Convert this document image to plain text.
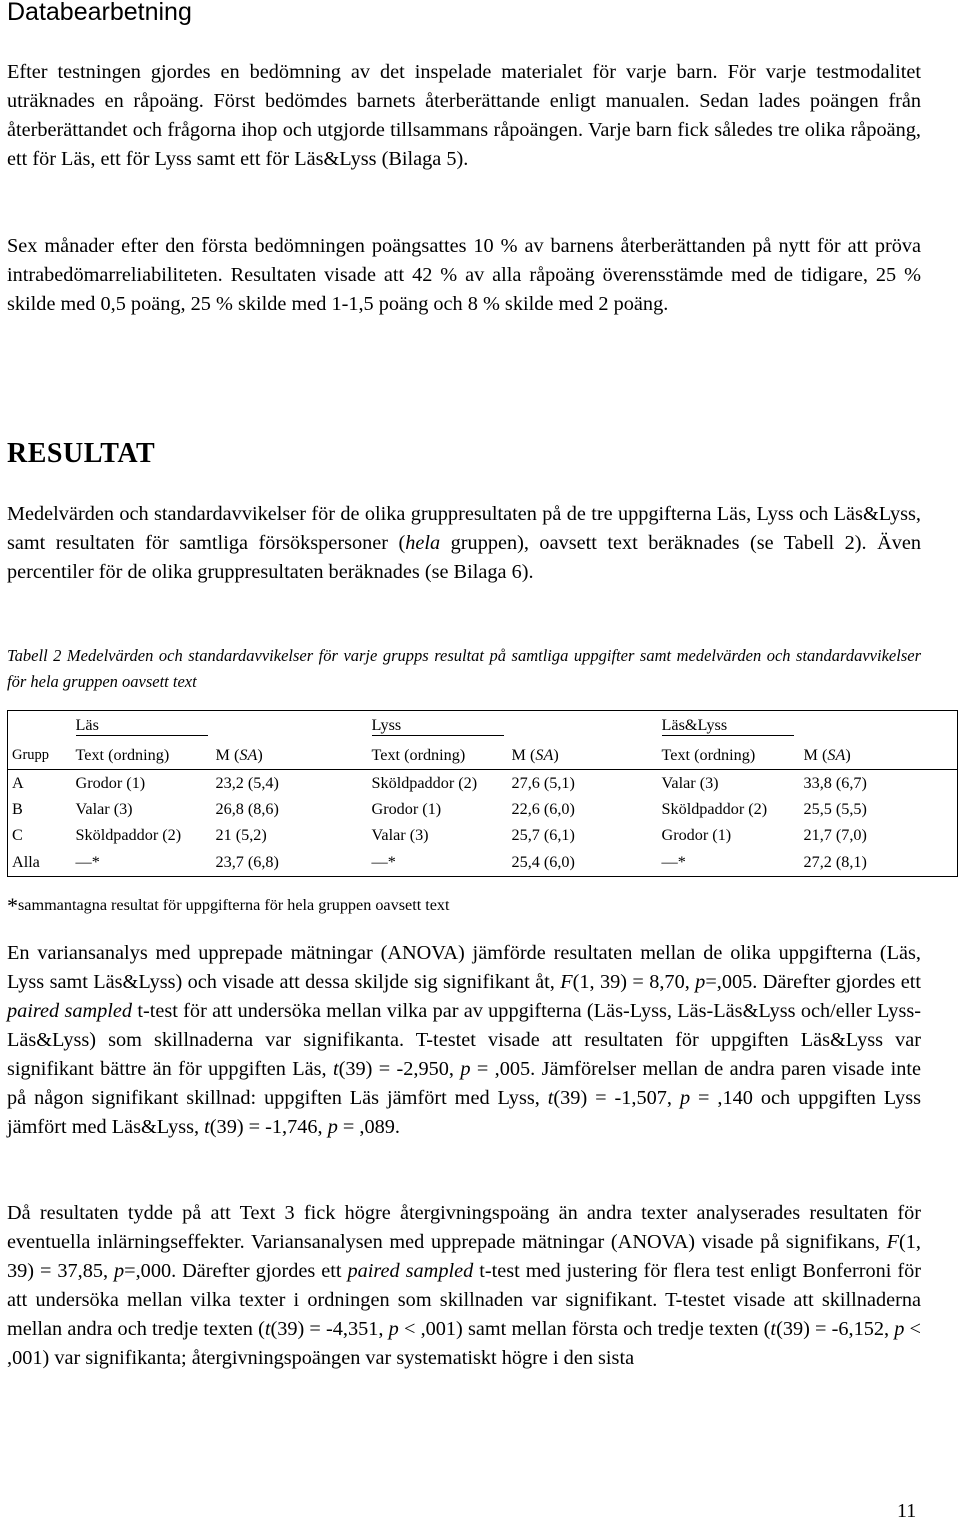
Databearbetning

Efter testningen gjordes en bedömning av det inspelade materialet för varje barn. För varje testmodalitet uträknades en råpoäng. Först bedömdes barnets återberättande enligt manualen. Sedan lades poängen från återberättandet och frågorna ihop och utgjorde tillsammans råpoängen. Varje barn fick således tre olika råpoäng, ett för Läs, ett för Lyss samt ett för Läs&Lyss (Bilaga 5).

Sex månader efter den första bedömningen poängsattes 10 % av barnens återberättanden på nytt för att pröva intrabedömarreliabiliteten. Resultaten visade att 42 % av alla råpoäng överensstämde med de tidigare, 25 % skilde med 0,5 poäng, 25 % skilde med 1-1,5 poäng och 8 % skilde med 2 poäng.

RESULTAT

Medelvärden och standardavvikelser för de olika gruppresultaten på de tre uppgifterna Läs, Lyss och Läs&Lyss, samt resultaten för samtliga försökspersoner (hela gruppen), oavsett text beräknades (se Tabell 2). Även percentiler för de olika gruppresultaten beräknades (se Bilaga 6).

Tabell 2 Medelvärden och standardavvikelser för varje grupps resultat på samtliga uppgifter samt medelvärden och standardavvikelser för hela gruppen oavsett text

	Läs		Lyss		Läs&Lyss	
Grupp	Text (ordning)	M (SA)	Text (ordning)	M (SA)	Text (ordning)	M (SA)
A	Grodor (1)	23,2 (5,4)	Sköldpaddor (2)	27,6 (5,1)	Valar (3)	33,8 (6,7)
B	Valar (3)	26,8 (8,6)	Grodor (1)	22,6 (6,0)	Sköldpaddor (2)	25,5 (5,5)
C	Sköldpaddor (2)	21 (5,2)	Valar (3)	25,7 (6,1)	Grodor (1)	21,7 (7,0)
Alla	—*	23,7 (6,8)	—*	25,4 (6,0)	—*	27,2 (8,1)

*sammantagna resultat för uppgifterna för hela gruppen oavsett text

En variansanalys med upprepade mätningar (ANOVA) jämförde resultaten mellan de olika uppgifterna (Läs, Lyss samt Läs&Lyss) och visade att dessa skiljde sig signifikant åt, F(1, 39) = 8,70, p=,005. Därefter gjordes ett paired sampled t-test för att undersöka mellan vilka par av uppgifterna (Läs-Lyss, Läs-Läs&Lyss och/eller Lyss-Läs&Lyss) som skillnaderna var signifikanta. T-testet visade att resultaten för uppgiften Läs&Lyss var signifikant bättre än för uppgiften Läs, t(39) = -2,950, p = ,005. Jämförelser mellan de andra paren visade inte på någon signifikant skillnad: uppgiften Läs jämfört med Lyss, t(39) = -1,507, p = ,140 och uppgiften Lyss jämfört med Läs&Lyss, t(39) = -1,746, p = ,089.

Då resultaten tydde på att Text 3 fick högre återgivningspoäng än andra texter analyserades resultaten för eventuella inlärningseffekter. Variansanalysen med upprepade mätningar (ANOVA) visade på signifikans, F(1, 39) = 37,85, p=,000. Därefter gjordes ett paired sampled t-test med justering för flera test enligt Bonferroni för att undersöka mellan vilka texter i ordningen som skillnaden var signifikant. T-testet visade att skillnaderna mellan andra och tredje texten (t(39) = -4,351, p < ,001) samt mellan första och tredje texten (t(39) = -6,152, p < ,001) var signifikanta; återgivningspoängen var systematiskt högre i den sista

11
